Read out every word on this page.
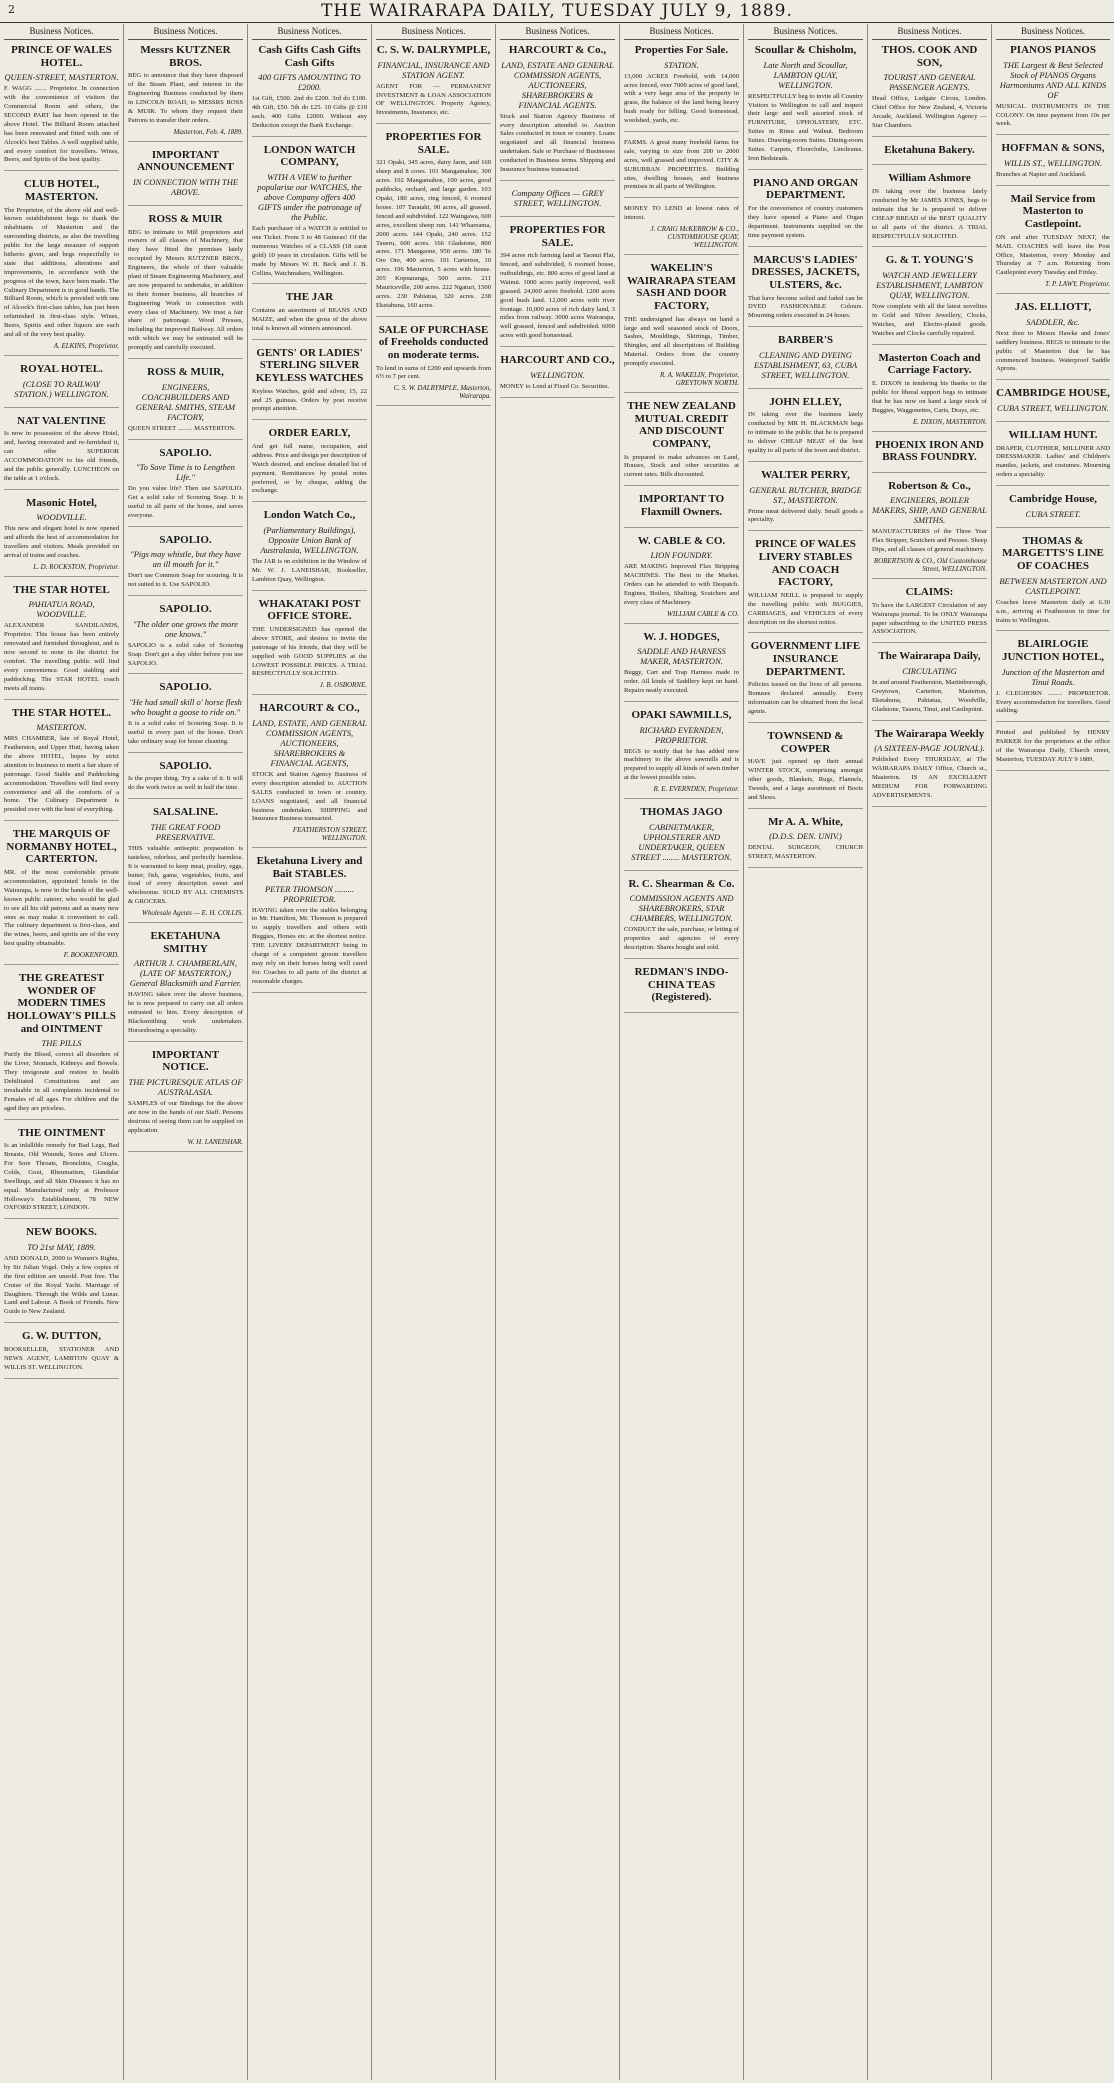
2	THE WAIRARAPA DAILY, TUESDAY JULY 9, 1889.
Business Notices.
PRINCE OF WALES HOTEL.
QUEEN-STREET, MASTERTON.

F. WAGG ....... Proprietor. In connection with the convenience of visitors the Commercial Room and others, the SECOND PART has been opened in the above Hotel. The Billiard Room attached has been renovated and fitted with one of Alcock's best Tables. A well supplied table, and every comfort for travellers. Wines, Beers, and Spirits of the best quality.

CLUB HOTEL, MASTERTON.

The Proprietor, of the above old and well-known establishment begs to thank the inhabitants of Masterton and the surrounding districts, as also the travelling public for the large measure of support hitherto given, and begs respectfully to state that additions, alterations and improvements, in accordance with the progress of the town, have been made. The Culinary Department is in good hands. The Billiard Room, which is provided with one of Alcock's first-class tables, has just been refurnished in first-class style. Wines, Beers, Spirits and other liquors are each and all of the very best quality.

A. ELKINS, Proprietor.
ROYAL HOTEL.
(CLOSE TO RAILWAY STATION.) WELLINGTON.
NAT VALENTINE

Is now in possession of the above Hotel, and, having renovated and re-furnished it, can offer SUPERIOR ACCOMMODATION to his old friends, and the public generally. LUNCHEON on the table at 1 o'clock.

Masonic Hotel,
WOODVILLE.

This new and elegant hotel is now opened and affords the best of accommodation for travellers and visitors. Meals provided on arrival of trains and coaches.

L. D. ROCKSTON, Proprietor.
THE STAR HOTEL
PAHIATUA ROAD, WOODVILLE.

ALEXANDER SANDILANDS, Proprietor. This house has been entirely renovated and furnished throughout, and is now second to none in the district for comfort. The travelling public will find every convenience. Good stabling and paddocking. The STAR HOTEL coach meets all trains.

THE STAR HOTEL.
MASTERTON.

MRS CHAMBER, late of Royal Hotel, Featherston, and Upper Hutt, having taken the above HOTEL, hopes by strict attention to business to merit a fair share of patronage. Good Stable and Paddocking accommodation. Travellers will find every convenience and all the comforts of a home. The Culinary Department is presided over with the best of everything.

THE MARQUIS OF NORMANBY HOTEL, CARTERTON.

MR. of the most comfortable private accommodation, appointed hotels in the Wairarapa, is now in the hands of the well-known public caterer, who would be glad to see all his old patrons and as many new ones as may make it convenient to call. The culinary department is first-class, and the wines, beers, and spirits are of the very best quality obtainable.

F. BOOKENFORD.
THE GREATEST WONDER OF MODERN TIMES HOLLOWAY'S PILLS and OINTMENT
THE PILLS

Purify the Blood, correct all disorders of the Liver, Stomach, Kidneys and Bowels. They invigorate and restore to health Debilitated Constitutions and are invaluable in all complaints incidental to Females of all ages. For children and the aged they are priceless.

THE OINTMENT

Is an infallible remedy for Bad Legs, Bad Breasts, Old Wounds, Sores and Ulcers. For Sore Throats, Bronchitis, Coughs, Colds, Gout, Rheumatism, Glandular Swellings, and all Skin Diseases it has no equal. Manufactured only at Professor Holloway's Establishment, 78 NEW OXFORD STREET, LONDON.

NEW BOOKS.
TO 21st MAY, 1889.

AND DONALD, 2000 to Women's Rights, by Sir Julian Vogel. Only a few copies of the first edition are unsold. Post free. The Cruise of the Royal Yacht. Marriage of Daughters. Through the Wilds and Lunar. Land and Labour. A Book of Friends. New Guide to New Zealand.

G. W. DUTTON,

BOOKSELLER, STATIONER AND NEWS AGENT, LAMBTON QUAY & WILLIS ST. WELLINGTON.

Business Notices.
Messrs KUTZNER BROS.

BEG to announce that they have disposed of the Steam Plant, and interest in the Engineering Business conducted by them in LINCOLN ROAD, to MESSRS ROSS & MUIR. To whom they request their Patrons to transfer their orders.

Masterton, Feb. 4, 1889.
IMPORTANT ANNOUNCEMENT
IN CONNECTION WITH THE ABOVE.
ROSS & MUIR

BEG to intimate to Mill proprietors and owners of all classes of Machinery, that they have fitted the premises lately occupied by Messrs KUTZNER BROS., Engineers, the whole of their valuable plant of Steam Engineering Machinery, and are now prepared to undertake, in addition to their former business, all branches of Engineering Work in connection with every class of Machinery. We trust a fair share of patronage. Wood Presses, including the improved Railway. All orders with which we may be entrusted will be promptly and carefully executed.

ROSS & MUIR,
ENGINEERS, COACHBUILDERS AND GENERAL SMITHS, STEAM FACTORY,

QUEEN STREET ......... MASTERTON.

SAPOLIO.
"To Save Time is to Lengthen Life."

Do you value life? Then use SAPOLIO. Get a solid cake of Scouring Soap. It is useful in all parts of the house, and saves everyone.

SAPOLIO.
"Pigs may whistle, but they have an ill mouth for it."

Don't use Common Soap for scouring. It is not suited to it. Use SAPOLIO.

SAPOLIO.
"The older one grows the more one knows."

SAPOLIO is a solid cake of Scouring Soap. Don't get a day older before you use SAPOLIO.

SAPOLIO.
"He had small skill o' horse flesh who bought a goose to ride on."

It is a solid cake of Scouring Soap. It is useful in every part of the house. Don't take ordinary soap for house cleaning.

SAPOLIO.

Is the proper thing. Try a cake of it. It will do the work twice as well in half the time.

SALSALINE.
THE GREAT FOOD PRESERVATIVE.

THIS valuable antiseptic preparation is tasteless, odorless, and perfectly harmless. It is warranted to keep meat, poultry, eggs, butter, fish, game, vegetables, fruits, and food of every description sweet and wholesome. SOLD BY ALL CHEMISTS & GROCERS.

Wholesale Agents — E. H. COLLIS.
EKETAHUNA SMITHY
ARTHUR J. CHAMBERLAIN, (LATE OF MASTERTON,) General Blacksmith and Farrier.

HAVING taken over the above business, he is now prepared to carry out all orders entrusted to him. Every description of Blacksmithing work undertaken. Horseshoeing a speciality.

IMPORTANT NOTICE.
THE PICTURESQUE ATLAS OF AUSTRALASIA.

SAMPLES of our Bindings for the above are now in the hands of our Staff. Persons desirous of seeing them can be supplied on application.

W. H. LANEISHAR.
Business Notices.
Cash Gifts Cash Gifts Cash Gifts
400 GIFTS AMOUNTING TO £2000.

1st Gift, £500. 2nd do £200. 3rd do £100. 4th Gift, £50. 5th do £25. 10 Gifts @ £10 each. 400 Gifts £2000. Without any Deduction except the Bank Exchange.

LONDON WATCH COMPANY,
WITH A VIEW to further popularise our WATCHES, the above Company offers 400 GIFTS under the patronage of the Public.

Each purchaser of a WATCH is entitled to one Ticket. From 5 to 48 Guineas! Of the numerous Watches of a CLASS (18 carat gold) 10 years in circulation. Gifts will be made by Messrs W. H. Beck and J. B. Collins, Watchmakers, Wellington.

THE JAR

Contains an assortment of BEANS AND MAIZE, and when the gross of the above total is known all winners announced.

GENTS' OR LADIES' STERLING SILVER KEYLESS WATCHES

Keyless Watches, gold and silver, 15, 22 and 25 guineas. Orders by post receive prompt attention.

ORDER EARLY,

And get full name, occupation, and address. Price and design per description of Watch desired, and enclose detailed list of payment. Remittances by postal notes preferred, or by cheque, adding the exchange.

London Watch Co.,
(Parliamentary Buildings), Opposite Union Bank of Australasia, WELLINGTON.

The JAR is on exhibition in the Window of Mr. W. J. LANEISHAR, Bookseller, Lambton Quay, Wellington.

WHAKATAKI POST OFFICE STORE.

THE UNDERSIGNED has opened the above STORE, and desires to invite the patronage of his friends, that they will be supplied with GOOD SUPPLIES at the LOWEST POSSIBLE PRICES. A TRIAL RESPECTFULLY SOLICITED.

J. B. OSBORNE.
HARCOURT & CO.,
LAND, ESTATE, AND GENERAL COMMISSION AGENTS, AUCTIONEERS, SHAREBROKERS & FINANCIAL AGENTS,

STOCK and Station Agency Business of every description attended to. AUCTION SALES conducted in town or country. LOANS negotiated, and all financial business undertaken. SHIPPING and Insurance Business transacted.

FEATHERSTON STREET, WELLINGTON.
Eketahuna Livery and Bait STABLES.
PETER THOMSON ......... PROPRIETOR.

HAVING taken over the stables belonging to Mr. Hamilton, Mr. Thomson is prepared to supply travellers and others with Buggies, Horses etc. at the shortest notice. THE LIVERY DEPARTMENT being in charge of a competent groom travellers may rely on their horses being well cared for. Coaches to all parts of the district at reasonable charges.

Business Notices.
C. S. W. DALRYMPLE,
FINANCIAL, INSURANCE AND STATION AGENT.

AGENT FOR — PERMANENT INVESTMENT & LOAN ASSOCIATION OF WELLINGTON. Property Agency, Investments, Insurance, etc.

PROPERTIES FOR SALE.

321 Opaki, 345 acres, dairy farm, and 160 sheep and 8 cows. 101 Mangamahoe, 300 acres. 102 Mangamahoe, 100 acres, good paddocks, orchard, and large garden. 103 Opaki, 180 acres, ring fenced, 6 roomed house. 107 Taratahi, 90 acres, all grassed, fenced and subdivided. 122 Waingawa, 600 acres, excellent sheep run. 141 Whareama, 2000 acres. 144 Opaki, 240 acres. 152 Taueru, 600 acres. 166 Gladstone, 800 acres. 171 Mangaone, 950 acres. 180 Te Ore Ore, 400 acres. 191 Carterton, 10 acres. 196 Masterton, 5 acres with house. 205 Kopuaranga, 500 acres. 211 Mauriceville, 200 acres. 222 Ngaturi, 1500 acres. 230 Pahiatua, 320 acres. 238 Eketahuna, 160 acres.

SALE OF PURCHASE of Freeholds conducted on moderate terms.

To lend in sums of £200 and upwards from 6½ to 7 per cent.

C. S. W. DALRYMPLE, Masterton, Wairarapa.
Business Notices.
HARCOURT & Co.,
LAND, ESTATE AND GENERAL COMMISSION AGENTS, AUCTIONEERS, SHAREBROKERS & FINANCIAL AGENTS.

Stock and Station Agency Business of every description attended to. Auction Sales conducted in town or country. Loans negotiated and all financial business undertaken. Sale or Purchase of Businesses conducted in Business terms. Shipping and Insurance business transacted.

Company Offices — GREY STREET, WELLINGTON.
PROPERTIES FOR SALE.

394 acres rich farming land at Taonui Flat, fenced, and subdivided, 6 roomed house, outbuildings, etc. 800 acres of good land at Wainui. 1000 acres partly improved, well grassed. 24,000 acres freehold. 1200 acres good bush land. 12,000 acres with river frontage. 10,000 acres of rich dairy land, 3 miles from railway. 3000 acres Wairarapa, well grassed, fenced and subdivided. 6000 acres with good homestead.

HARCOURT AND CO.,
WELLINGTON.

MONEY to Lend at Fixed Co. Securities.

Business Notices.
Properties For Sale.
STATION.

13,000 ACRES Freehold, with 14,000 acres fenced, over 7000 acres of good land, with a very large area of the property in grass, the balance of the land being heavy bush ready for felling. Good homestead, woolshed, yards, etc.

FARMS. A great many freehold farms for sale, varying in size from 200 to 2000 acres, well grassed and improved. CITY & SUBURBAN PROPERTIES. Building sites, dwelling houses, and business premises in all parts of Wellington.

MONEY TO LEND at lowest rates of interest.

J. CRAIG McKERROW & CO., CUSTOMHOUSE QUAY, WELLINGTON.
WAKELIN'S WAIRARAPA STEAM SASH AND DOOR FACTORY,

THE undersigned has always on hand a large and well seasoned stock of Doors, Sashes, Mouldings, Skirtings, Timber, Shingles, and all descriptions of Building Material. Orders from the country promptly executed.

R. A. WAKELIN, Proprietor, GREYTOWN NORTH.
THE NEW ZEALAND MUTUAL CREDIT AND DISCOUNT COMPANY,

Is prepared to make advances on Land, Houses, Stock and other securities at current rates. Bills discounted.

IMPORTANT TO Flaxmill Owners.
W. CABLE & CO.
LION FOUNDRY.

ARE MAKING Improved Flax Stripping MACHINES. The Best in the Market. Orders can be attended to with Despatch. Engines, Boilers, Shafting, Scutchers and every class of Machinery.

WILLIAM CABLE & CO.
W. J. HODGES,
SADDLE AND HARNESS MAKER, MASTERTON.

Buggy, Cart and Trap Harness made to order. All kinds of Saddlery kept on hand. Repairs neatly executed.

OPAKI SAWMILLS,
RICHARD EVERNDEN, PROPRIETOR.

BEGS to notify that he has added new machinery to the above sawmills and is prepared to supply all kinds of sawn timber at the lowest possible rates.

R. E. EVERNDEN, Proprietor.
THOMAS JAGO
CABINETMAKER, UPHOLSTERER AND UNDERTAKER, QUEEN STREET ........ MASTERTON.
R. C. Shearman & Co.
COMMISSION AGENTS AND SHAREBROKERS, STAR CHAMBERS, WELLINGTON.

CONDUCT the sale, purchase, or letting of properties and agencies of every description. Shares bought and sold.

REDMAN'S INDO-CHINA TEAS (Registered).
Business Notices.
Scoullar & Chisholm,
Late North and Scoullar, LAMBTON QUAY, WELLINGTON.

RESPECTFULLY beg to invite all Country Visitors to Wellington to call and inspect their large and well assorted stock of FURNITURE, UPHOLSTERY, ETC. Suites in Rimu and Walnut. Bedroom Suites. Drawing-room Suites. Dining-room Suites. Carpets, Floorcloths, Linoleums. Iron Bedsteads.

PIANO AND ORGAN DEPARTMENT.

For the convenience of country customers they have opened a Piano and Organ department. Instruments supplied on the time payment system.

MARCUS'S LADIES' DRESSES, JACKETS, ULSTERS, &c.

That have become soiled and faded can be DYED FASHIONABLE Colours. Mourning orders executed in 24 hours.

BARBER'S
CLEANING AND DYEING ESTABLISHMENT, 63, CUBA STREET, WELLINGTON.
JOHN ELLEY,

IN taking over the business lately conducted by MR H. BLACKMAN begs to intimate to the public that he is prepared to deliver CHEAP MEAT of the best quality to all parts of the town and district.

WALTER PERRY,
GENERAL BUTCHER, BRIDGE ST., MASTERTON.

Prime meat delivered daily. Small goods a speciality.

PRINCE OF WALES LIVERY STABLES AND COACH FACTORY,

WILLIAM NEILL is prepared to supply the travelling public with BUGGIES, CARRIAGES, and VEHICLES of every description on the shortest notice.

GOVERNMENT LIFE INSURANCE DEPARTMENT.

Policies issued on the lives of all persons. Bonuses declared annually. Every information can be obtained from the local agents.

TOWNSEND & COWPER

HAVE just opened up their annual WINTER STOCK, comprising amongst other goods, Blankets, Rugs, Flannels, Tweeds, and a large assortment of Boots and Shoes.

Mr A. A. White,
(D.D.S. DEN. UNIV.)

DENTAL SURGEON, CHURCH STREET, MASTERTON.

Business Notices.
THOS. COOK AND SON,
TOURIST AND GENERAL PASSENGER AGENTS.

Head Office, Ludgate Circus, London. Chief Office for New Zealand, 4, Victoria Arcade, Auckland. Wellington Agency — Star Chambers.

Eketahuna Bakery.
William Ashmore

IN taking over the business lately conducted by Mr JAMES JONES, begs to intimate that he is prepared to deliver CHEAP BREAD of the BEST QUALITY to all parts of the district. A TRIAL RESPECTFULLY SOLICITED.

G. & T. YOUNG'S
WATCH AND JEWELLERY ESTABLISHMENT, LAMBTON QUAY, WELLINGTON.

Now complete with all the latest novelties in Gold and Silver Jewellery, Clocks, Watches, and Electro-plated goods. Watches and Clocks carefully repaired.

Masterton Coach and Carriage Factory.

E. DIXON in tendering his thanks to the public for liberal support begs to intimate that he has now on hand a large stock of Buggies, Waggonettes, Carts, Drays, etc.

E. DIXON, MASTERTON.
PHOENIX IRON AND BRASS FOUNDRY.
Robertson & Co.,
ENGINEERS, BOILER MAKERS, SHIP, AND GENERAL SMITHS.

MANUFACTURERS of the Three Year Flax Stripper, Scutchers and Presses. Sheep Dips, and all classes of general machinery.

ROBERTSON & CO., Old Customhouse Street, WELLINGTON.
CLAIMS:

To have the LARGEST Circulation of any Wairarapa journal. To be ONLY Wairarapa paper subscribing to the UNITED PRESS ASSOCIATION.

The Wairarapa Daily,
CIRCULATING

In and around Featherston, Martinborough, Greytown, Carterton, Masterton, Eketahuna, Pahiatua, Woodville, Gladstone, Taueru, Tinui, and Castlepoint.

The Wairarapa Weekly
(A SIXTEEN-PAGE JOURNAL).

Published Every THURSDAY, at The WAIRARAPA DAILY Office, Church st., Masterton. IS AN EXCELLENT MEDIUM FOR FORWARDING ADVERTISEMENTS.

Business Notices.
PIANOS PIANOS
THE Largest & Best Selected Stock of PIANOS Organs Harmoniums AND ALL KINDS OF

MUSICAL INSTRUMENTS IN THE COLONY. On time payment from 10s per week.

HOFFMAN & SONS,
WILLIS ST., WELLINGTON.

Branches at Napier and Auckland.

Mail Service from Masterton to Castlepoint.

ON and after TUESDAY NEXT, the MAIL COACHES will leave the Post Office, Masterton, every Monday and Thursday at 7 a.m. Returning from Castlepoint every Tuesday and Friday.

T. P. LAWY, Proprietor.
JAS. ELLIOTT,
SADDLER, &c.

Next door to Messrs Hawke and Jones' saddlery business. BEGS to intimate to the public of Masterton that he has commenced business. Waterproof Saddle Aprons.

CAMBRIDGE HOUSE,
CUBA STREET, WELLINGTON.
WILLIAM HUNT.

DRAPER, CLOTHIER, MILLINER AND DRESSMAKER. Ladies' and Children's mantles, jackets, and costumes. Mourning orders a speciality.

Cambridge House,
CUBA STREET.
THOMAS & MARGETTS'S LINE OF COACHES
BETWEEN MASTERTON AND CASTLEPOINT.

Coaches leave Masterton daily at 6.30 a.m., arriving at Featherston in time for trains to Wellington.

BLAIRLOGIE JUNCTION HOTEL,
Junction of the Masterton and Tinui Roads.

J. CLEGHORN ......... PROPRIETOR. Every accommodation for travellers. Good stabling.

Printed and published by HENRY PARKER for the proprietors at the office of the Wairarapa Daily, Church street, Masterton, TUESDAY JULY 9 1889.
